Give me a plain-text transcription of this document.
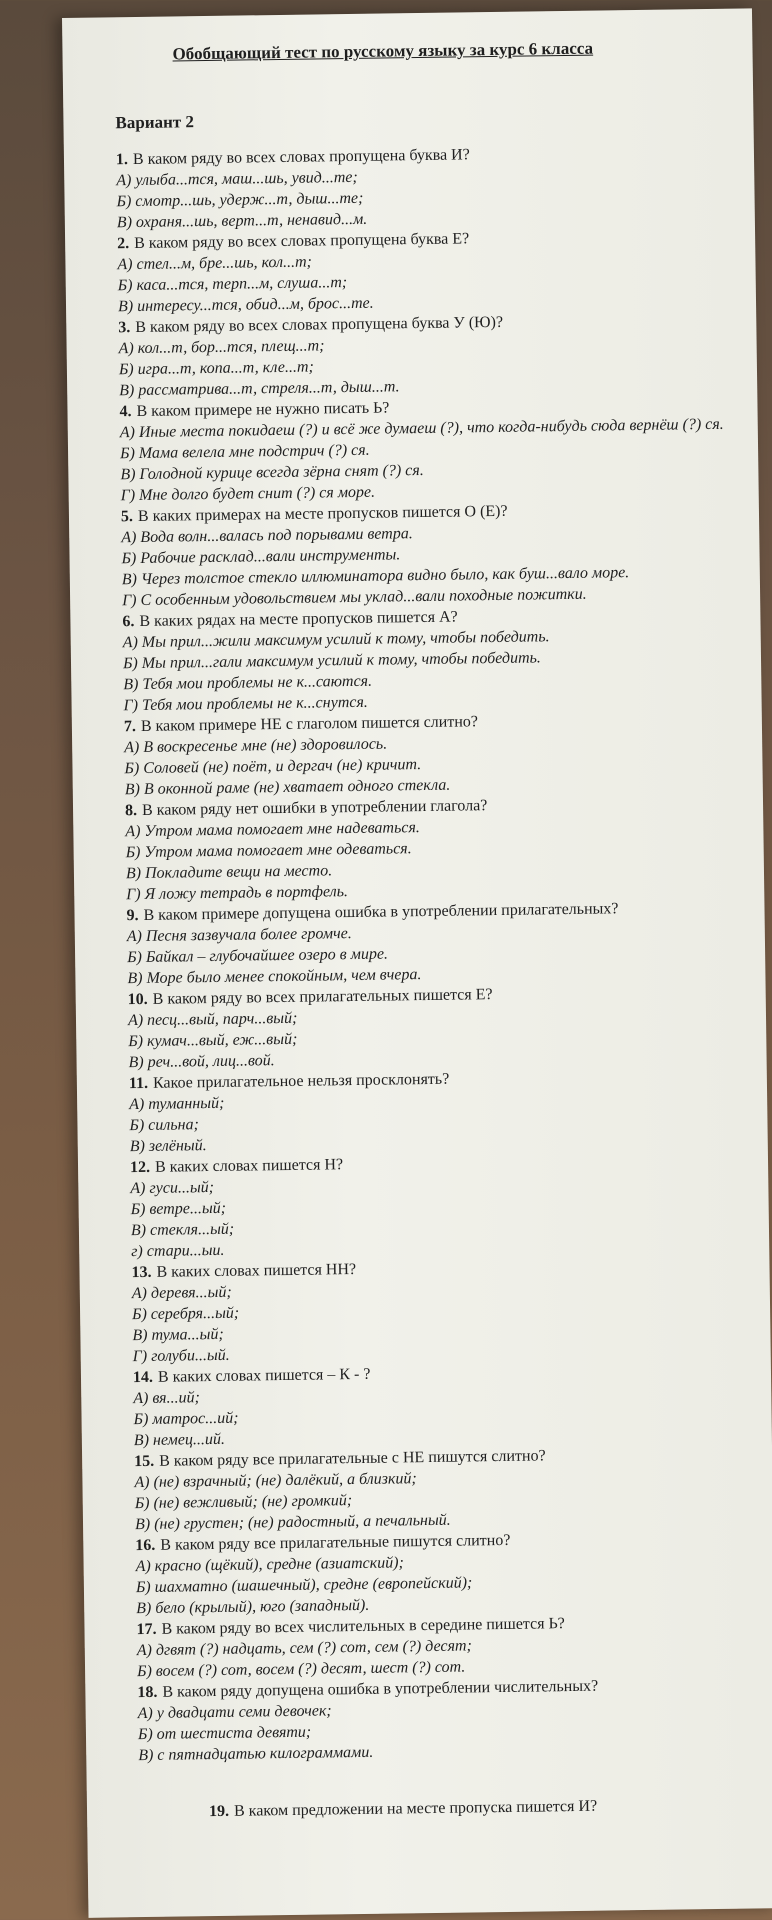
Обобщающий тест по русскому языку за курс 6 класса
Вариант 2

1. В каком ряду во всех словах пропущена буква И?

А) улыба...тся, маш...шь, увид...те;

Б) смотр...шь, удерж...т, дыш...те;

В) охраня...шь, верт...т, ненавид...м.

2. В каком ряду во всех словах пропущена буква Е?

А) стел...м, бре...шь, кол...т;

Б) каса...тся, терп...м, слуша...т;

В) интересу...тся, обид...м, брос...те.

3. В каком ряду во всех словах пропущена буква У (Ю)?

А) кол...т, бор...тся, плещ...т;

Б) игра...т, копа...т, кле...т;

В) рассматрива...т, стреля...т, дыш...т.

4. В каком примере не нужно писать Ь?

А) Иные места покидаеш (?) и всё же думаеш (?), что когда-нибудь сюда вернёш (?) ся.

Б) Мама велела мне подстрич (?) ся.

В) Голодной курице всегда зёрна снят (?) ся.

Г) Мне долго будет снит (?) ся море.

5. В каких примерах на месте пропусков пишется О (Е)?

А) Вода волн...валась под порывами ветра.

Б) Рабочие расклад...вали инструменты.

В) Через толстое стекло иллюминатора видно было, как буш...вало море.

Г) С особенным удовольствием мы уклад...вали походные пожитки.

6. В каких рядах на месте пропусков пишется А?

А) Мы прил...жили максимум усилий к тому, чтобы победить.

Б) Мы прил...гали максимум усилий к тому, чтобы победить.

В) Тебя мои проблемы не к...саются.

Г) Тебя мои проблемы не к...снутся.

7. В каком примере НЕ с глаголом пишется слитно?

А) В воскресенье мне (не) здоровилось.

Б) Соловей (не) поёт, и дергач (не) кричит.

В) В оконной раме (не) хватает одного стекла.

8. В каком ряду нет ошибки в употреблении глагола?

А) Утром мама помогает мне надеваться.

Б) Утром мама помогает мне одеваться.

В) Покладите вещи на место.

Г) Я ложу тетрадь в портфель.

9. В каком примере допущена ошибка в употреблении прилагательных?

А) Песня зазвучала более громче.

Б) Байкал – глубочайшее озеро в мире.

В) Море было менее спокойным, чем вчера.

10. В каком ряду во всех прилагательных пишется Е?

А) песц...вый, парч...вый;

Б) кумач...вый, еж...вый;

В) реч...вой, лиц...вой.

11. Какое прилагательное нельзя просклонять?

А) туманный;

Б) сильна;

В) зелёный.

12. В каких словах пишется Н?

А) гуси...ый;

Б) ветре...ый;

В) стекля...ый;

г) стари...ыи.

13. В каких словах пишется НН?

А) деревя...ый;

Б) серебря...ый;

В) тума...ый;

Г) голуби...ый.

14. В каких словах пишется – К - ?

А) вя...ий;

Б) матрос...ий;

В) немец...ий.

15. В каком ряду все прилагательные с НЕ пишутся слитно?

А) (не) взрачный; (не) далёкий, а близкий;

Б) (не) вежливый; (не) громкий;

В) (не) грустен; (не) радостный, а печальный.

16. В каком ряду все прилагательные пишутся слитно?

А) красно (щёкий), средне (азиатский);

Б) шахматно (шашечный), средне (европейский);

В) бело (крылый), юго (западный).

17. В каком ряду во всех числительных в середине пишется Ь?

А) дгвят (?) надцать, сем (?) сот, сем (?) десят;

Б) восем (?) сот, восем (?) десят, шест (?) сот.

18. В каком ряду допущена ошибка в употреблении числительных?

А) у двадцати семи девочек;

Б) от шестиста девяти;

В) с пятнадцатью килограммами.

19. В каком предложении на месте пропуска пишется И?
